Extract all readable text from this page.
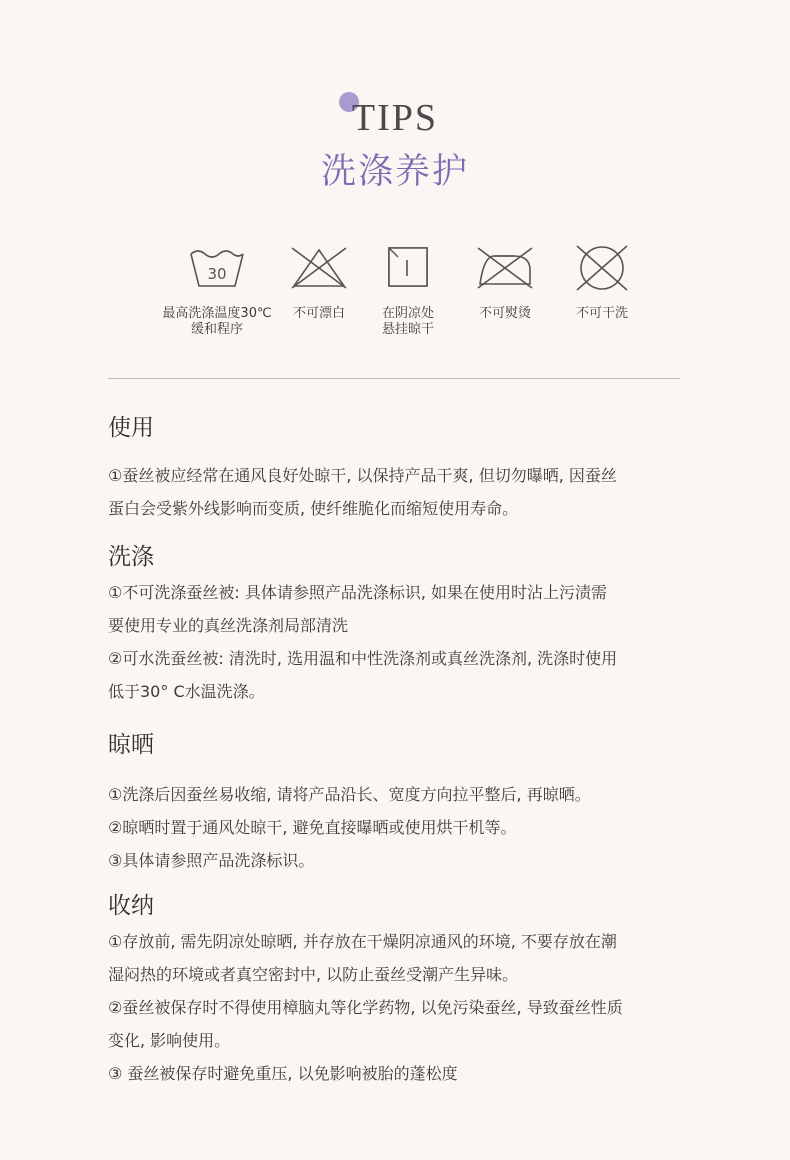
TIPS
洗涤养护
30
最高洗涤温度30℃
缓和程序
不可漂白	在阴凉处
悬挂晾干
不可熨烫	不可干洗
使用
①蚕丝被应经常在通风良好处晾干, 以保持产品干爽, 但切勿曝晒, 因蚕丝
蛋白会受紫外线影响而变质, 使纤维脆化而缩短使用寿命。
洗涤
①不可洗涤蚕丝被: 具体请参照产品洗涤标识, 如果在使用时沾上污渍需
要使用专业的真丝洗涤剂局部清洗
②可水洗蚕丝被: 清洗时, 选用温和中性洗涤剂或真丝洗涤剂, 洗涤时使用
低于30° C水温洗涤。
晾晒
①洗涤后因蚕丝易收缩, 请将产品沿长、宽度方向拉平整后, 再晾晒。
②晾晒时置于通风处晾干, 避免直接曝晒或使用烘干机等。
③具体请参照产品洗涤标识。
收纳
①存放前, 需先阴凉处晾晒, 并存放在干燥阴凉通风的环境, 不要存放在潮
湿闷热的环境或者真空密封中, 以防止蚕丝受潮产生异味。
②蚕丝被保存时不得使用樟脑丸等化学药物, 以免污染蚕丝, 导致蚕丝性质
变化, 影响使用。
③ 蚕丝被保存时避免重压, 以免影响被胎的蓬松度
